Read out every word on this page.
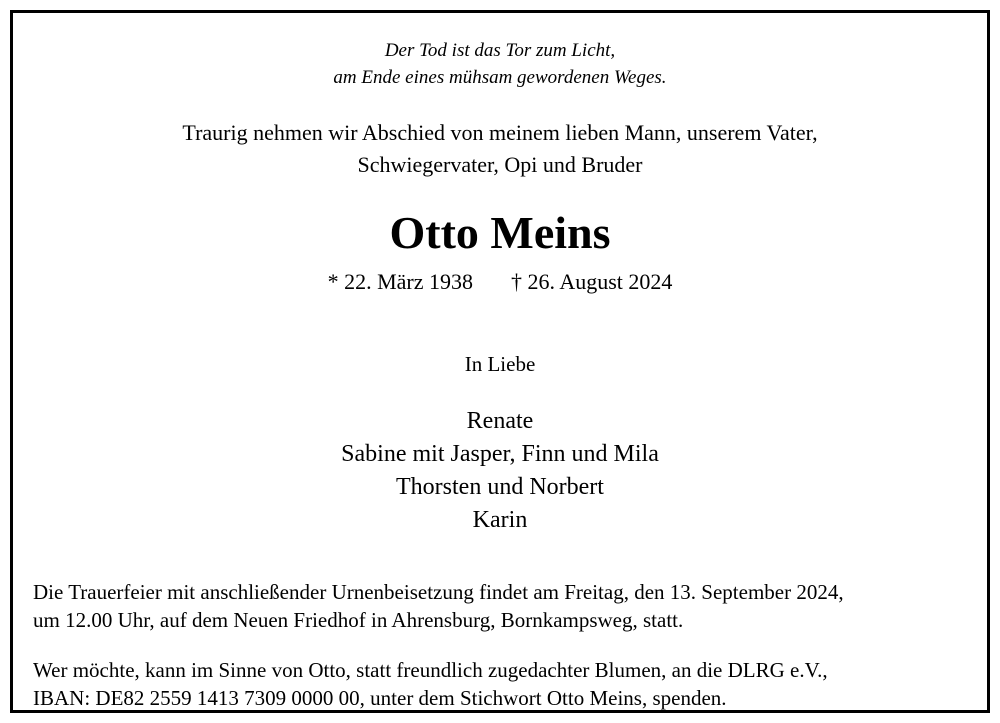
Der Tod ist das Tor zum Licht,
am Ende eines mühsam gewordenen Weges.
Traurig nehmen wir Abschied von meinem lieben Mann, unserem Vater,
Schwiegervater, Opi und Bruder
Otto Meins
* 22. März 1938 † 26. August 2024
In Liebe
Renate
Sabine mit Jasper, Finn und Mila
Thorsten und Norbert
Karin
Die Trauerfeier mit anschließender Urnenbeisetzung findet am Freitag, den 13. September 2024,
um 12.00 Uhr, auf dem Neuen Friedhof in Ahrensburg, Bornkampsweg, statt.
Wer möchte, kann im Sinne von Otto, statt freundlich zugedachter Blumen, an die DLRG e.V.,
IBAN: DE82 2559 1413 7309 0000 00, unter dem Stichwort Otto Meins, spenden.
